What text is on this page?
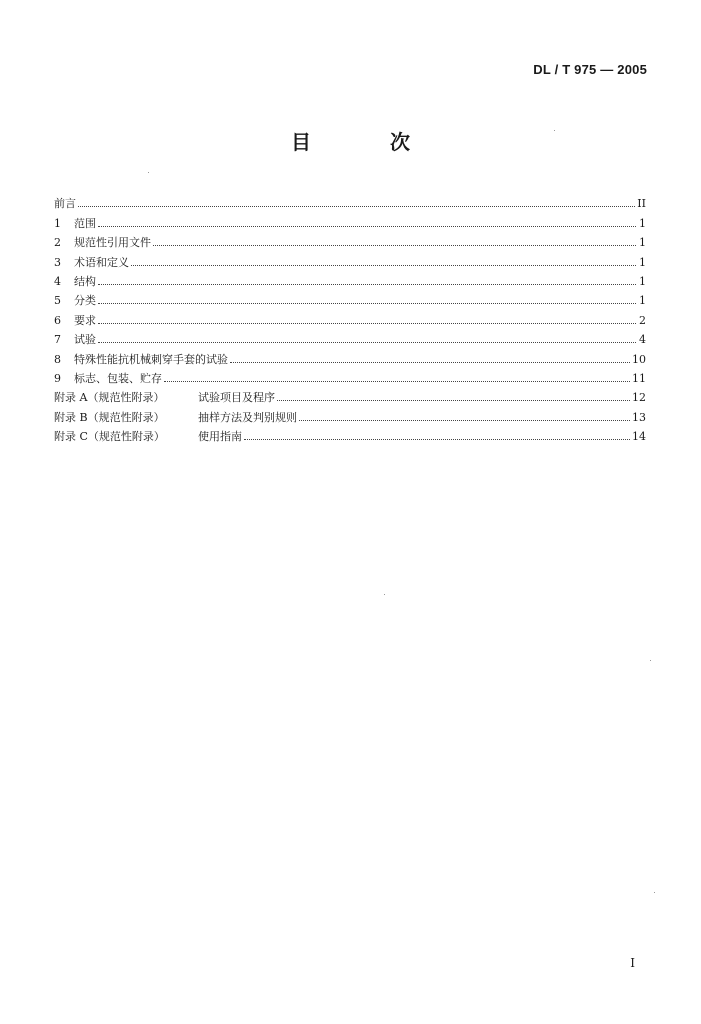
DL / T 975 — 2005
目 次
前言	II
1	范围	1
2	规范性引用文件	1
3	术语和定义	1
4	结构	1
5	分类	1
6	要求	2
7	试验	4
8	特殊性能抗机械刺穿手套的试验	10
9	标志、包装、贮存	11
附录 A（规范性附录）	试验项目及程序	12
附录 B（规范性附录）	抽样方法及判别规则	13
附录 C（规范性附录）	使用指南	14
I
